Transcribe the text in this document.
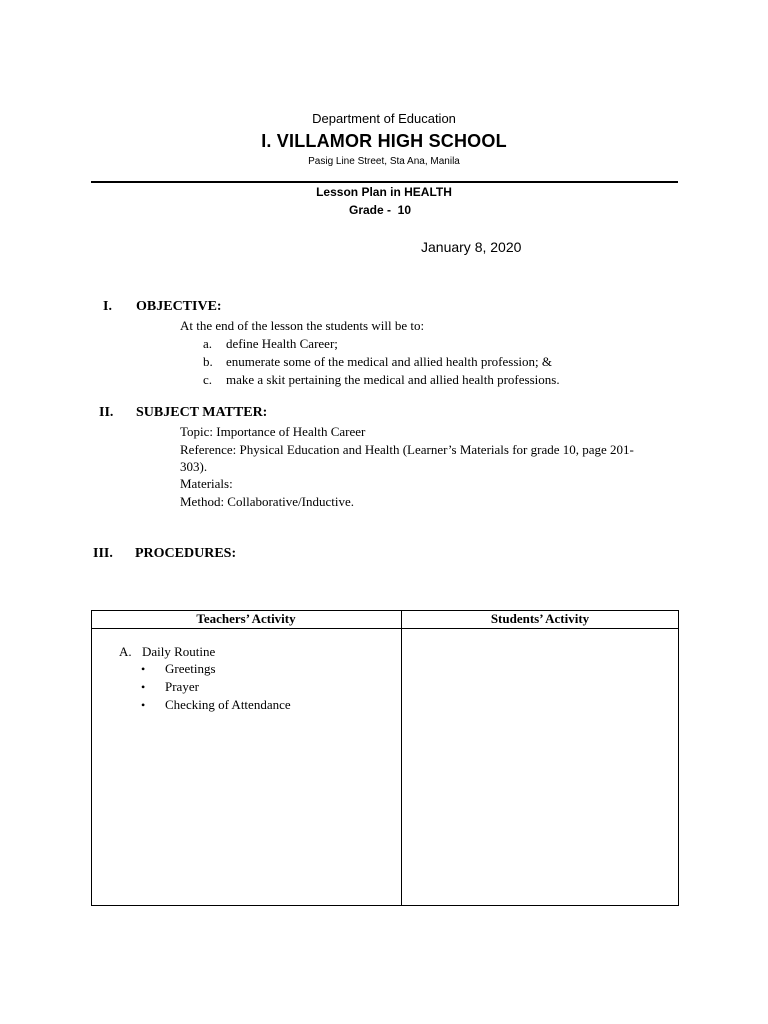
Department of Education
I. VILLAMOR HIGH SCHOOL
Pasig Line Street, Sta Ana, Manila
Lesson Plan in HEALTH
Grade -  10
January 8, 2020
I. OBJECTIVE:
At the end of the lesson the students will be to:
a. define Health Career;
b. enumerate some of the medical and allied health profession; &
c. make a skit pertaining the medical and allied health professions.
II. SUBJECT MATTER:
Topic: Importance of Health Career
Reference: Physical Education and Health (Learner’s Materials for grade 10, page 201-
303).
Materials:
Method: Collaborative/Inductive.
III. PROCEDURES:
Teachers’ Activity	Students’ Activity
A. Daily Routine
• Greetings
• Prayer
• Checking of Attendance
